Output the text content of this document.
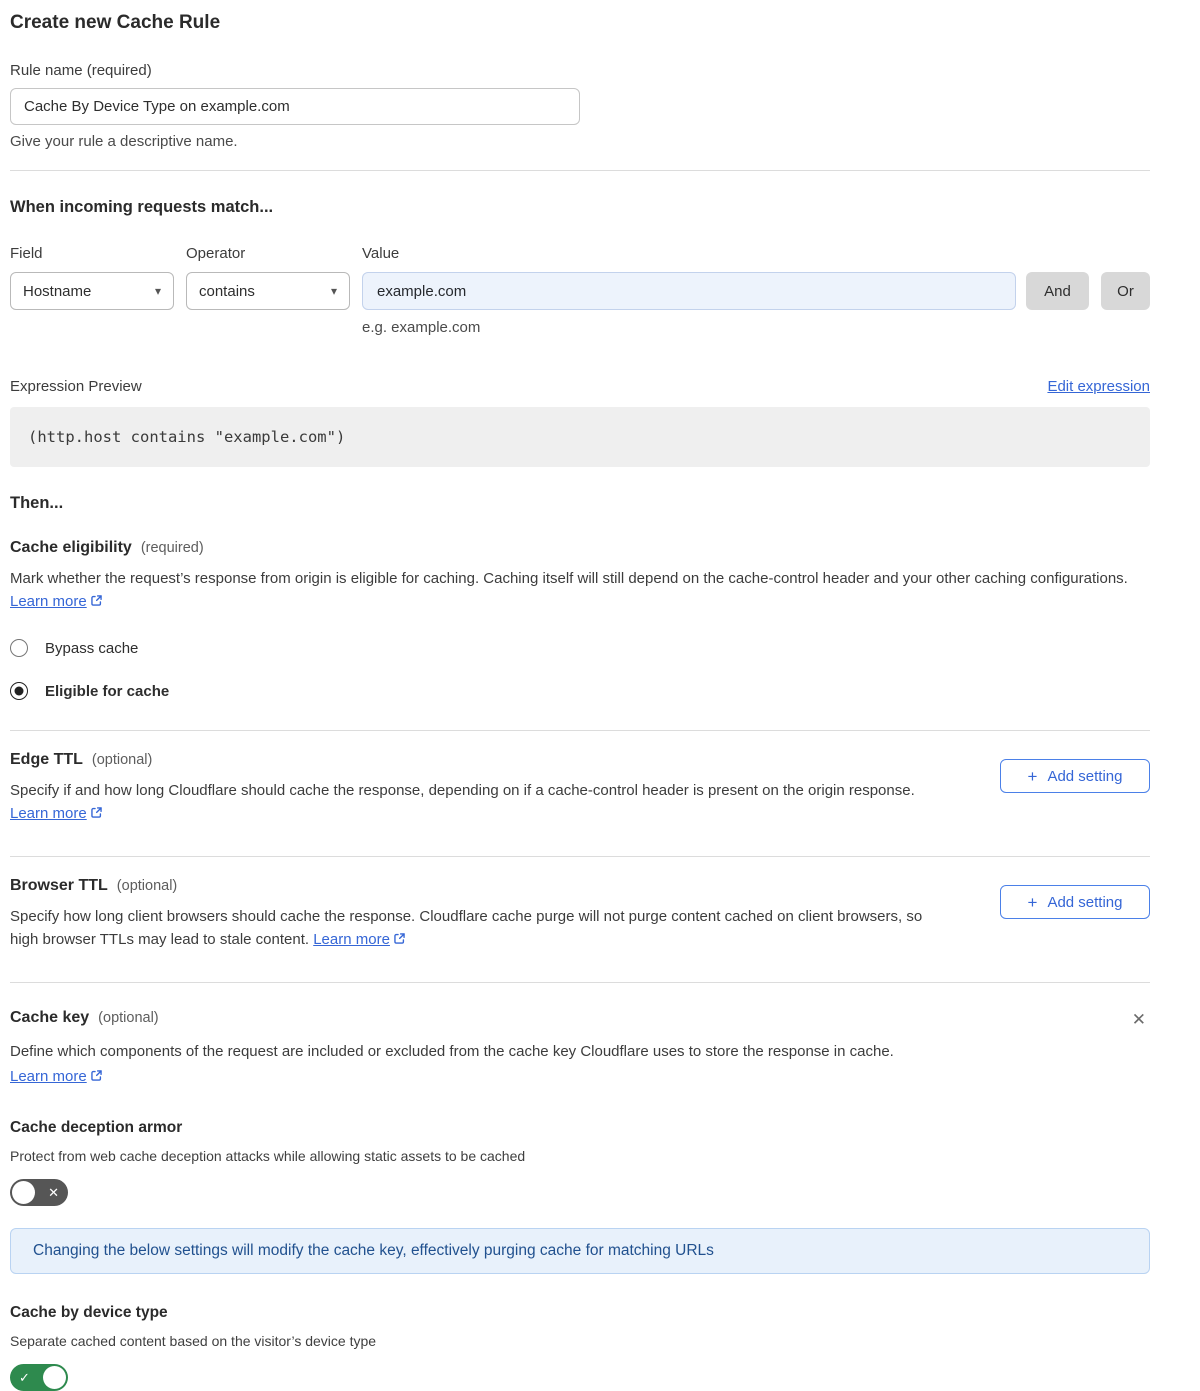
Create new Cache Rule
Rule name (required)
Cache By Device Type on example.com
Give your rule a descriptive name.
When incoming requests match...
Field	Operator	Value
Hostname	▾	contains	▾
example.com	And	Or
e.g. example.com
Expression Preview	Edit expression
(http.host contains "example.com")
Then...
Cache eligibility (required)
Mark whether the request’s response from origin is eligible for caching. Caching itself will still depend on the cache-control header and your other caching configurations. Learn more
Bypass cache
Eligible for cache
Edge TTL (optional)
Specify if and how long Cloudflare should cache the response, depending on if a cache-control header is present on the origin response. Learn more
+ Add setting
Browser TTL (optional)
Specify how long client browsers should cache the response. Cloudflare cache purge will not purge content cached on client browsers, so high browser TTLs may lead to stale content. Learn more
+ Add setting
Cache key (optional)	✕
Define which components of the request are included or excluded from the cache key Cloudflare uses to store the response in cache.
Learn more
Cache deception armor
Protect from web cache deception attacks while allowing static assets to be cached
✕
Changing the below settings will modify the cache key, effectively purging cache for matching URLs
Cache by device type
Separate cached content based on the visitor’s device type
✓
